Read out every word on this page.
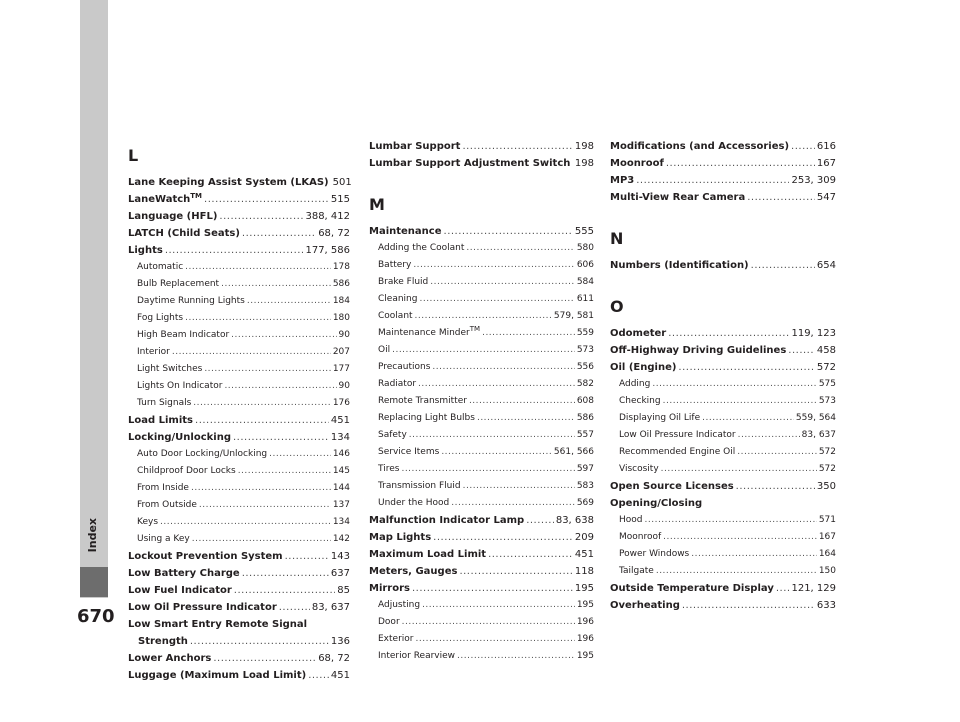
Index
670
L
Lane Keeping Assist System (LKAS) 501
LaneWatch™ .....	515
Language (HFL) .....	388, 412
LATCH (Child Seats) .....	68, 72
Lights .....	177, 586
Automatic .....	178
Bulb Replacement .....	586
Daytime Running Lights .....	184
Fog Lights .....	180
High Beam Indicator .....	90
Interior .....	207
Light Switches .....	177
Lights On Indicator .....	90
Turn Signals .....	176
Load Limits .....	451
Locking/Unlocking .....	134
Auto Door Locking/Unlocking .....	146
Childproof Door Locks .....	145
From Inside .....	144
From Outside .....	137
Keys .....	134
Using a Key .....	142
Lockout Prevention System .....	143
Low Battery Charge .....	637
Low Fuel Indicator .....	85
Low Oil Pressure Indicator .....	83, 637
Low Smart Entry Remote Signal
Strength .....	136
Lower Anchors .....	68, 72
Luggage (Maximum Load Limit) ..... 451
Lumbar Support .....	198
Lumbar Support Adjustment Switch ..... 198
M
Maintenance .....	555
Adding the Coolant .....	580
Battery .....	606
Brake Fluid .....	584
Cleaning .....	611
Coolant .....	579, 581
Maintenance Minder™ .....	559
Oil .....	573
Precautions .....	556
Radiator .....	582
Remote Transmitter .....	608
Replacing Light Bulbs .....	586
Safety .....	557
Service Items .....	561, 566
Tires .....	597
Transmission Fluid .....	583
Under the Hood .....	569
Malfunction Indicator Lamp .....	83, 638
Map Lights .....	209
Maximum Load Limit .....	451
Meters, Gauges .....	118
Mirrors .....	195
Adjusting .....	195
Door .....	196
Exterior .....	196
Interior Rearview .....	195
Modifications (and Accessories) .....	616
Moonroof .....	167
MP3 .....	253, 309
Multi-View Rear Camera .....	547
N
Numbers (Identification) .....	654
O
Odometer .....	119, 123
Off-Highway Driving Guidelines .....	458
Oil (Engine) .....	572
Adding .....	575
Checking .....	573
Displaying Oil Life .....	559, 564
Low Oil Pressure Indicator .....	83, 637
Recommended Engine Oil .....	572
Viscosity .....	572
Open Source Licenses .....	350
Opening/Closing
Hood .....	571
Moonroof .....	167
Power Windows .....	164
Tailgate .....	150
Outside Temperature Display ..... 121, 129
Overheating .....	633
